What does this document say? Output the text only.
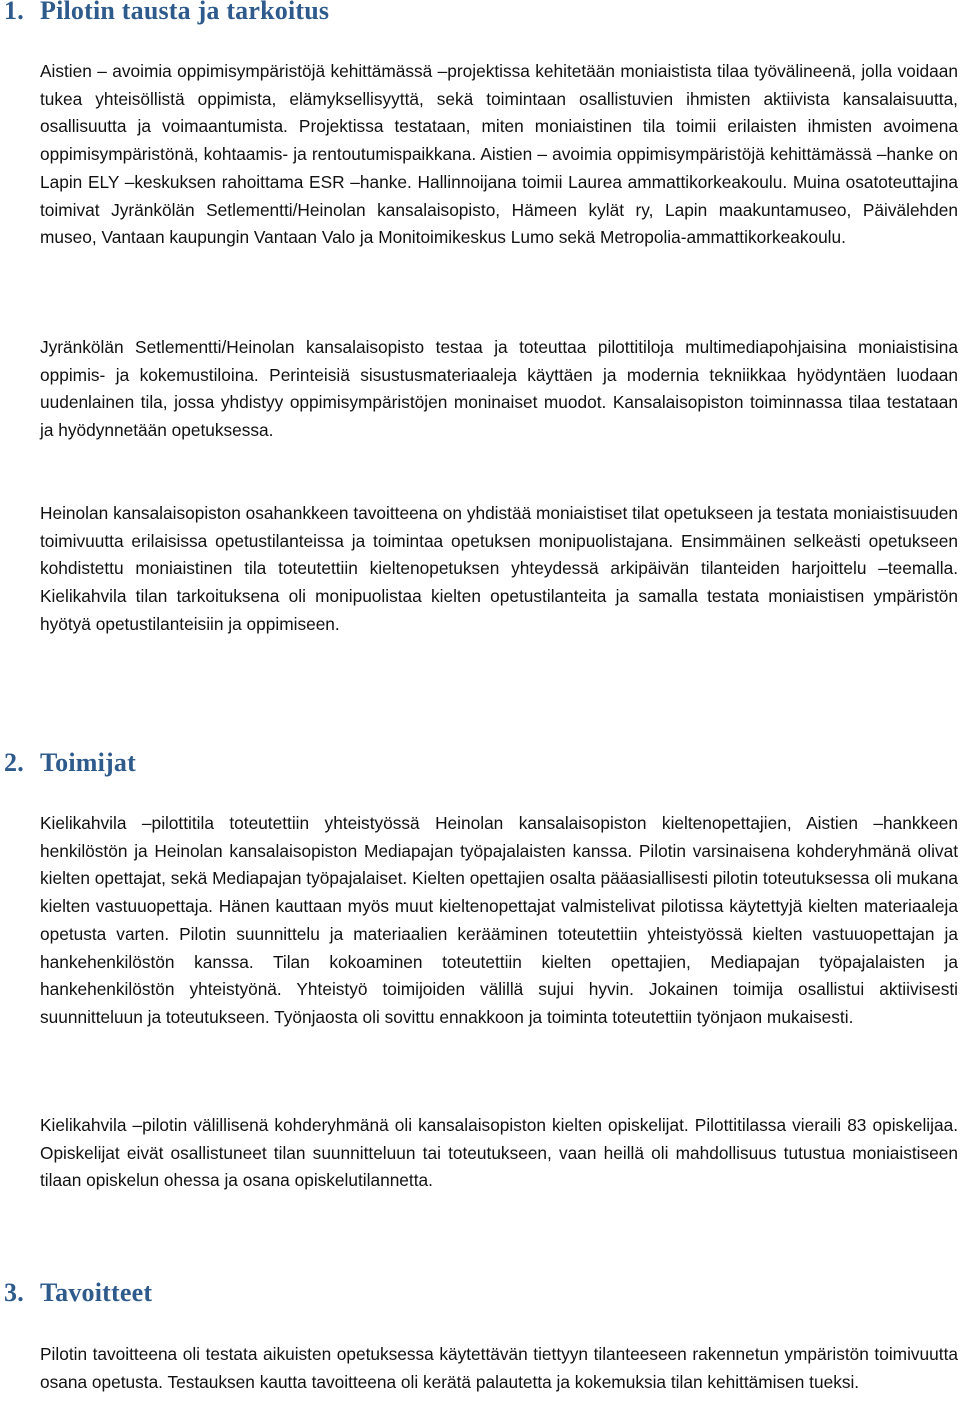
1. Pilotin tausta ja tarkoitus

Aistien – avoimia oppimisympäristöjä kehittämässä –projektissa kehitetään moniaistista tilaa työvälineenä, jolla voidaan tukea yhteisöllistä oppimista, elämyksellisyyttä, sekä toimintaan osallistuvien ihmisten aktiivista kansalaisuutta, osallisuutta ja voimaantumista. Projektissa testataan, miten moniaistinen tila toimii erilaisten ihmisten avoimena oppimisympäristönä, kohtaamis- ja rentoutumispaikkana. Aistien – avoimia oppimisympäristöjä kehittämässä –hanke on Lapin ELY –keskuksen rahoittama ESR –hanke. Hallinnoijana toimii Laurea ammattikorkeakoulu. Muina osatoteuttajina toimivat Jyränkölän Setlementti/Heinolan kansalaisopisto, Hämeen kylät ry, Lapin maakuntamuseo, Päivälehden museo, Vantaan kaupungin Vantaan Valo ja Monitoimikeskus Lumo sekä Metropolia-ammattikorkeakoulu.

Jyränkölän Setlementti/Heinolan kansalaisopisto testaa ja toteuttaa pilottitiloja multimediapohjaisina moniaistisina oppimis- ja kokemustiloina. Perinteisiä sisustusmateriaaleja käyttäen ja modernia tekniikkaa hyödyntäen luodaan uudenlainen tila, jossa yhdistyy oppimisympäristöjen moninaiset muodot. Kansalaisopiston toiminnassa tilaa testataan ja hyödynnetään opetuksessa.

Heinolan kansalaisopiston osahankkeen tavoitteena on yhdistää moniaistiset tilat opetukseen ja testata moniaistisuuden toimivuutta erilaisissa opetustilanteissa ja toimintaa opetuksen monipuolistajana. Ensimmäinen selkeästi opetukseen kohdistettu moniaistinen tila toteutettiin kieltenopetuksen yhteydessä arkipäivän tilanteiden harjoittelu –teemalla. Kielikahvila tilan tarkoituksena oli monipuolistaa kielten opetustilanteita ja samalla testata moniaistisen ympäristön hyötyä opetustilanteisiin ja oppimiseen.

2. Toimijat

Kielikahvila –pilottitila toteutettiin yhteistyössä Heinolan kansalaisopiston kieltenopettajien, Aistien –hankkeen henkilöstön ja Heinolan kansalaisopiston Mediapajan työpajalaisten kanssa. Pilotin varsinaisena kohderyhmänä olivat kielten opettajat, sekä Mediapajan työpajalaiset. Kielten opettajien osalta pääasiallisesti pilotin toteutuksessa oli mukana kielten vastuuopettaja. Hänen kauttaan myös muut kieltenopettajat valmistelivat pilotissa käytettyjä kielten materiaaleja opetusta varten. Pilotin suunnittelu ja materiaalien kerääminen toteutettiin yhteistyössä kielten vastuuopettajan ja hankehenkilöstön kanssa. Tilan kokoaminen toteutettiin kielten opettajien, Mediapajan työpajalaisten ja hankehenkilöstön yhteistyönä. Yhteistyö toimijoiden välillä sujui hyvin. Jokainen toimija osallistui aktiivisesti suunnitteluun ja toteutukseen. Työnjaosta oli sovittu ennakkoon ja toiminta toteutettiin työnjaon mukaisesti.

Kielikahvila –pilotin välillisenä kohderyhmänä oli kansalaisopiston kielten opiskelijat. Pilottitilassa vieraili 83 opiskelijaa. Opiskelijat eivät osallistuneet tilan suunnitteluun tai toteutukseen, vaan heillä oli mahdollisuus tutustua moniaistiseen tilaan opiskelun ohessa ja osana opiskelutilannetta.

3. Tavoitteet

Pilotin tavoitteena oli testata aikuisten opetuksessa käytettävän tiettyyn tilanteeseen rakennetun ympäristön toimivuutta osana opetusta. Testauksen kautta tavoitteena oli kerätä palautetta ja kokemuksia tilan kehittämisen tueksi.
